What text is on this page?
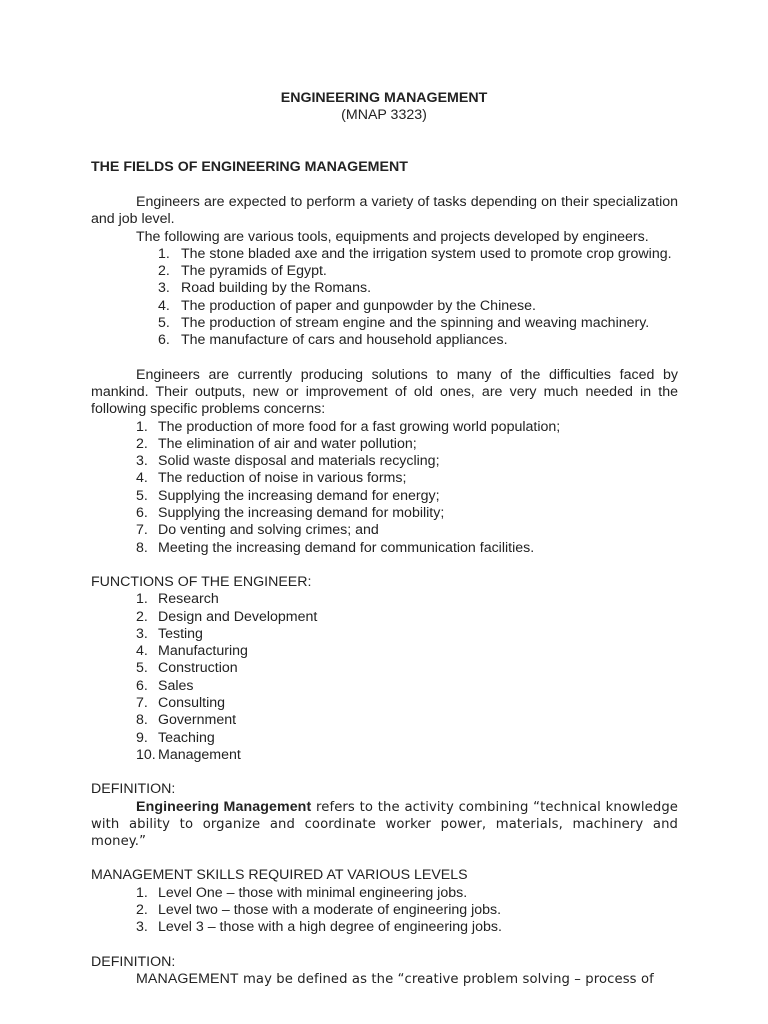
ENGINEERING MANAGEMENT
(MNAP 3323)
THE FIELDS OF ENGINEERING MANAGEMENT

Engineers are expected to perform a variety of tasks depending on their specialization and job level.

The following are various tools, equipments and projects developed by engineers.

1. The stone bladed axe and the irrigation system used to promote crop growing.
2. The pyramids of Egypt.
3. Road building by the Romans.
4. The production of paper and gunpowder by the Chinese.
5. The production of stream engine and the spinning and weaving machinery.
6. The manufacture of cars and household appliances.

Engineers are currently producing solutions to many of the difficulties faced by mankind. Their outputs, new or improvement of old ones, are very much needed in the following specific problems concerns:

1. The production of more food for a fast growing world population;
2. The elimination of air and water pollution;
3. Solid waste disposal and materials recycling;
4. The reduction of noise in various forms;
5. Supplying the increasing demand for energy;
6. Supplying the increasing demand for mobility;
7. Do venting and solving crimes; and
8. Meeting the increasing demand for communication facilities.
FUNCTIONS OF THE ENGINEER:
1. Research
2. Design and Development
3. Testing
4. Manufacturing
5. Construction
6. Sales
7. Consulting
8. Government
9. Teaching
10. Management
DEFINITION:

Engineering Management refers to the activity combining “technical knowledge with ability to organize and coordinate worker power, materials, machinery and money.”

MANAGEMENT SKILLS REQUIRED AT VARIOUS LEVELS
1. Level One – those with minimal engineering jobs.
2. Level two – those with a moderate of engineering jobs.
3. Level 3 – those with a high degree of engineering jobs.
DEFINITION:

MANAGEMENT may be defined as the “creative problem solving – process of
